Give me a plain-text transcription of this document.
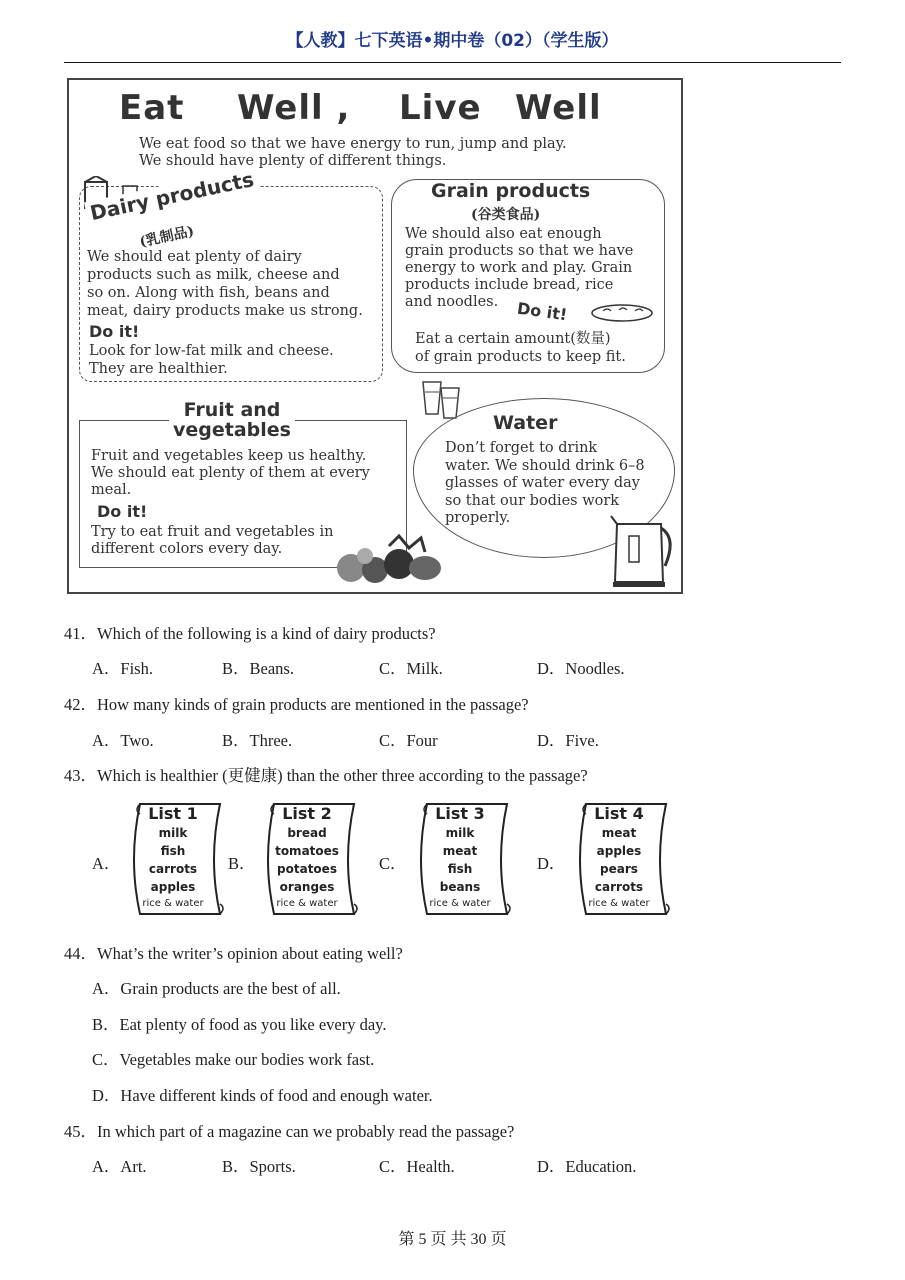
【人教】七下英语•期中卷（02）（学生版）
Eat Well , Live Well
We eat food so that we have energy to run, jump and play.
We should have plenty of different things.
Dairy products
(乳制品)
We should eat plenty of dairy
products such as milk, cheese and
so on. Along with fish, beans and
meat, dairy products make us strong.
Do it!
Look for low-fat milk and cheese.
They are healthier.
Grain products
(谷类食品)
We should also eat enough
grain products so that we have
energy to work and play. Grain
products include bread, rice
and noodles.	Do it!
Eat a certain amount(数量)
of grain products to keep fit.
Fruit and
vegetables
Fruit and vegetables keep us healthy.
We should eat plenty of them at every
meal.
Do it!
Try to eat fruit and vegetables in
different colors every day.
Water
Don’t forget to drink
water. We should drink 6–8
glasses of water every day
so that our bodies work
properly.
41．Which of the following is a kind of dairy products?
A．Fish.	B．Beans.	C．Milk.	D．Noodles.
42．How many kinds of grain products are mentioned in the passage?
A．Two.	B．Three.	C．Four	D．Five.
43．Which is healthier (更健康) than the other three according to the passage?
A．	B．	C．	D．
List 1
milk
fish
carrots
apples
rice & water
List 2
bread
tomatoes
potatoes
oranges
rice & water
List 3
milk
meat
fish
beans
rice & water
List 4
meat
apples
pears
carrots
rice & water
44．What’s the writer’s opinion about eating well?
A．Grain products are the best of all.
B．Eat plenty of food as you like every day.
C．Vegetables make our bodies work fast.
D．Have different kinds of food and enough water.
45．In which part of a magazine can we probably read the passage?
A．Art.	B．Sports.	C．Health.	D．Education.
第 5 页 共 30 页
